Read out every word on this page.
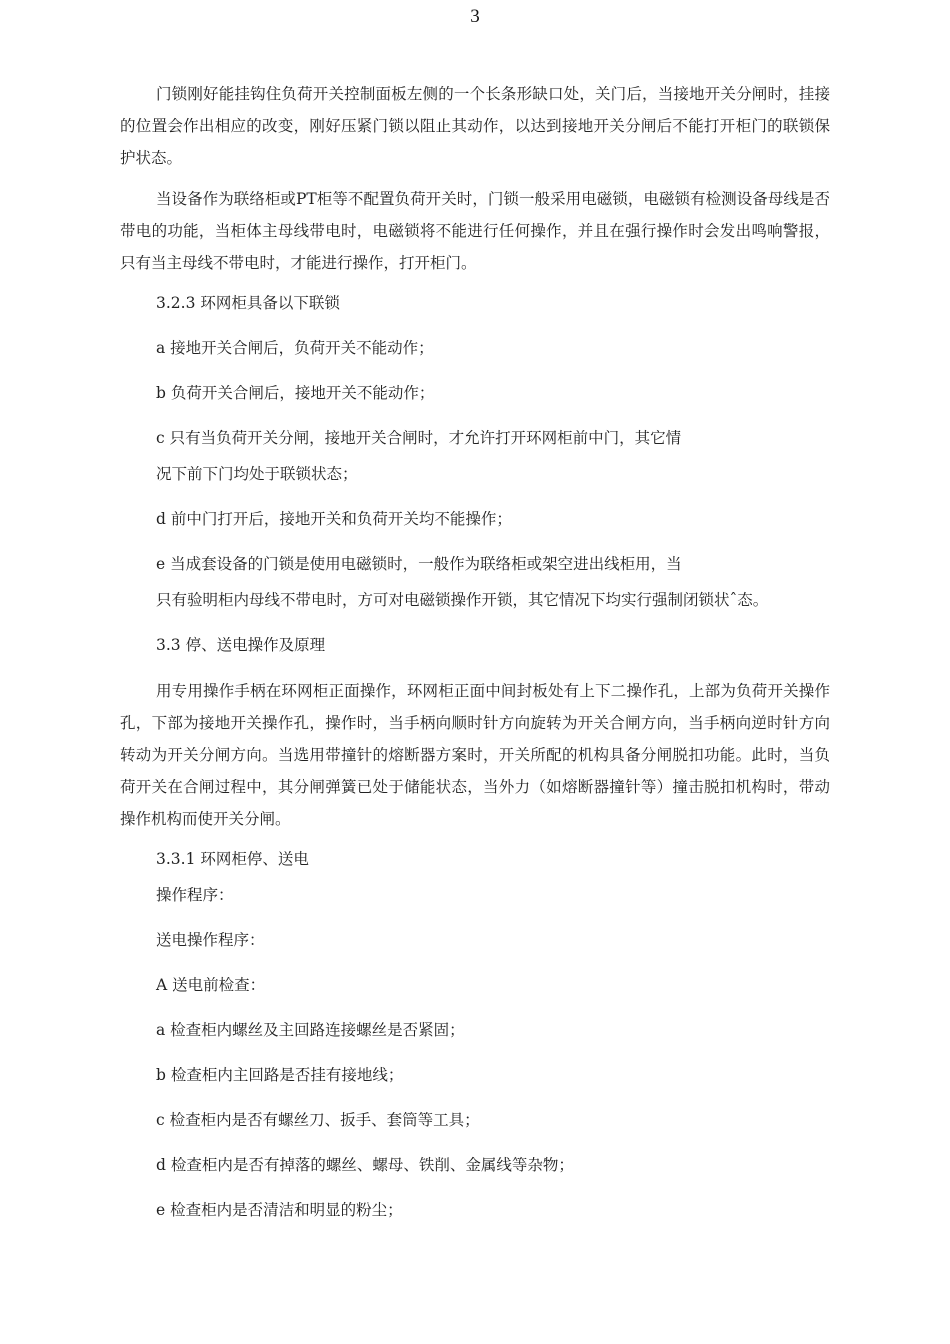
3

门锁刚好能挂钩住负荷开关控制面板左侧的一个长条形缺口处，关门后，当接地开关分闸时，挂接的位置会作出相应的改变，刚好压紧门锁以阻止其动作，以达到接地开关分闸后不能打开柜门的联锁保护状态。

当设备作为联络柜或PT柜等不配置负荷开关时，门锁一般采用电磁锁，电磁锁有检测设备母线是否带电的功能，当柜体主母线带电时，电磁锁将不能进行任何操作，并且在强行操作时会发出鸣响警报，只有当主母线不带电时，才能进行操作，打开柜门。

3.2.3 环网柜具备以下联锁
a 接地开关合闸后，负荷开关不能动作；
b 负荷开关合闸后，接地开关不能动作；
c 只有当负荷开关分闸，接地开关合闸时，才允许打开环网柜前中门，其它情
况下前下门均处于联锁状态；
d 前中门打开后，接地开关和负荷开关均不能操作；
e 当成套设备的门锁是使用电磁锁时，一般作为联络柜或架空进出线柜用，当
只有验明柜内母线不带电时，方可对电磁锁操作开锁，其它情况下均实行强制闭锁状ˆ态。
3.3 停、送电操作及原理

用专用操作手柄在环网柜正面操作，环网柜正面中间封板处有上下二操作孔，上部为负荷开关操作孔，下部为接地开关操作孔，操作时，当手柄向顺时针方向旋转为开关合闸方向，当手柄向逆时针方向转动为开关分闸方向。当选用带撞针的熔断器方案时，开关所配的机构具备分闸脱扣功能。此时，当负荷开关在合闸过程中，其分闸弹簧已处于储能状态，当外力（如熔断器撞针等）撞击脱扣机构时，带动操作机构而使开关分闸。

3.3.1 环网柜停、送电
操作程序：
送电操作程序：
A 送电前检查：
a 检查柜内螺丝及主回路连接螺丝是否紧固；
b 检查柜内主回路是否挂有接地线；
c 检查柜内是否有螺丝刀、扳手、套筒等工具；
d 检查柜内是否有掉落的螺丝、螺母、铁削、金属线等杂物；
e 检查柜内是否清洁和明显的粉尘；
